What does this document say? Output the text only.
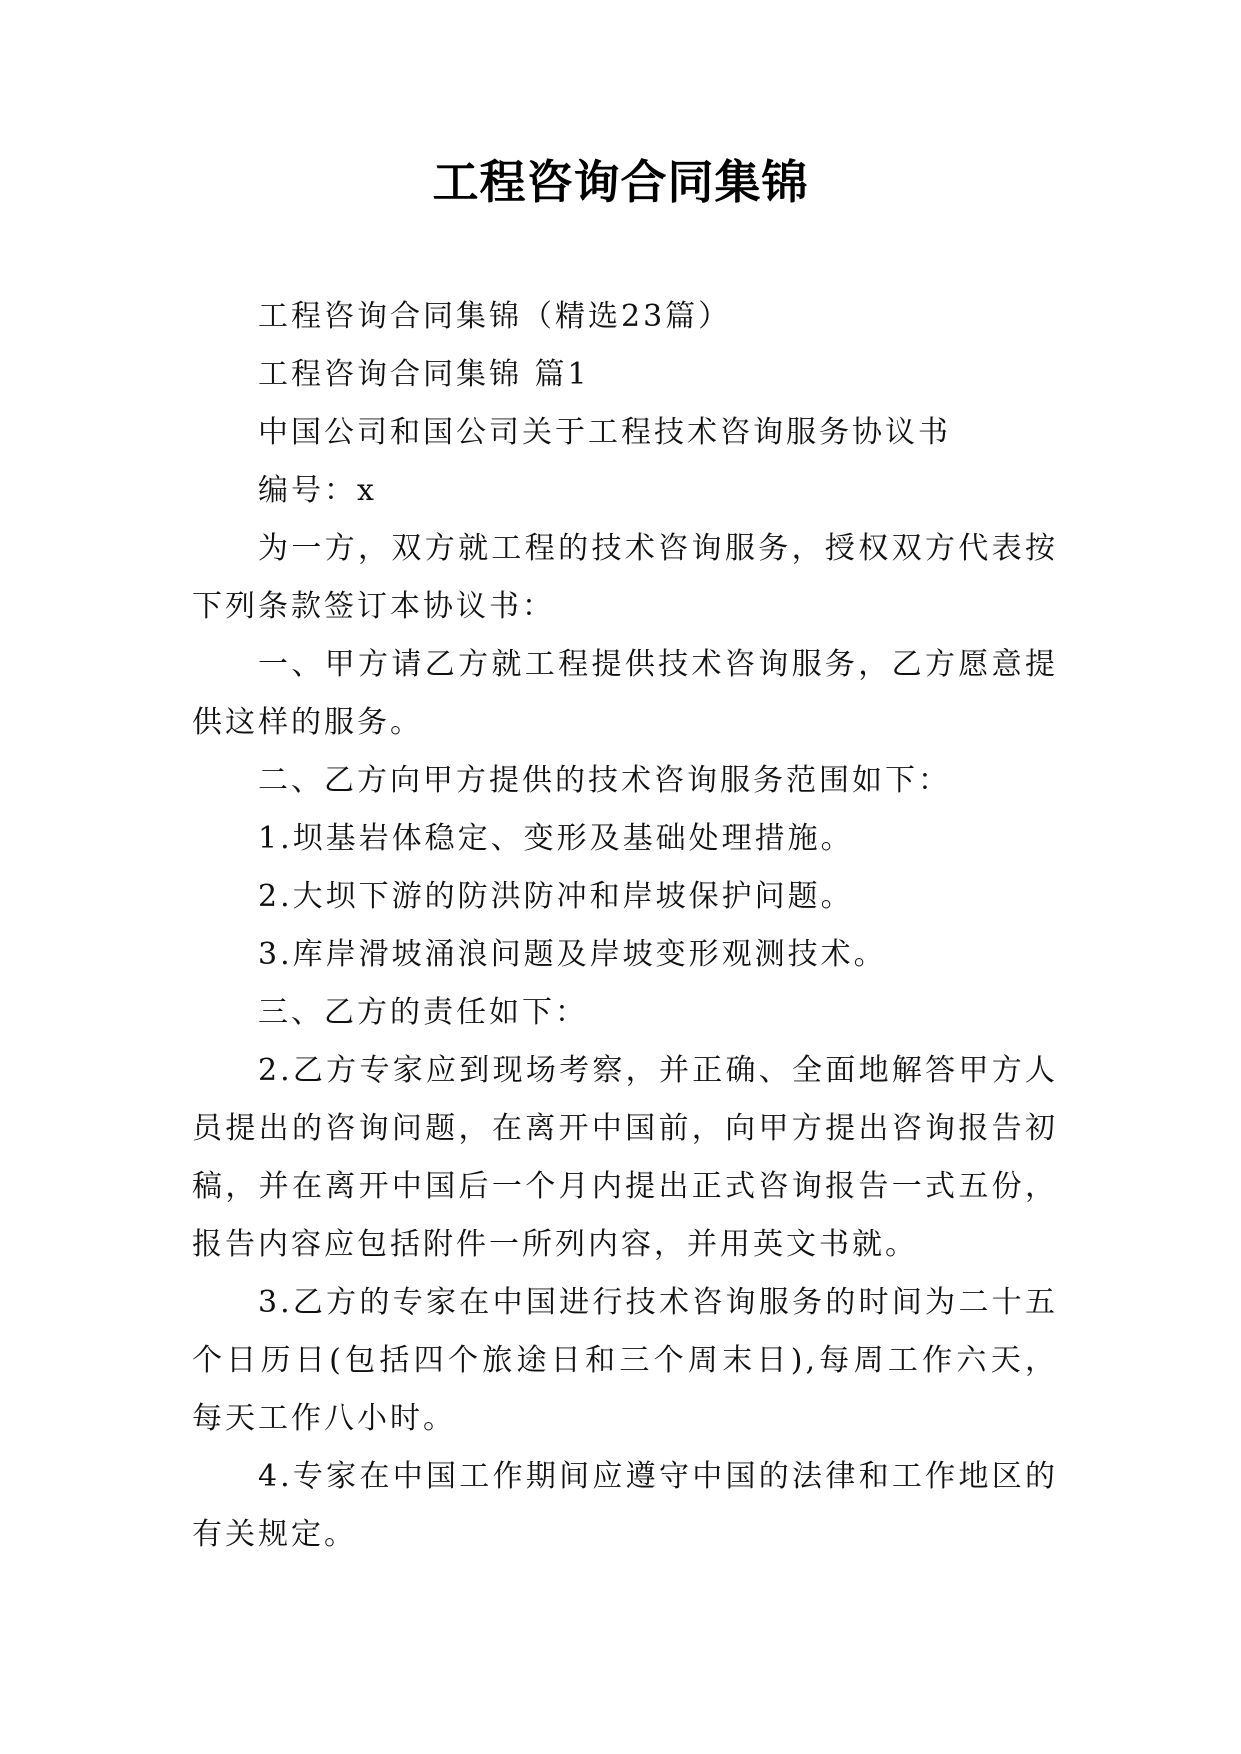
工程咨询合同集锦

工程咨询合同集锦（精选23篇）

工程咨询合同集锦 篇1

中国公司和国公司关于工程技术咨询服务协议书

编号：x

为一方，双方就工程的技术咨询服务，授权双方代表按下列条款签订本协议书：

一、甲方请乙方就工程提供技术咨询服务，乙方愿意提供这样的服务。

二、乙方向甲方提供的技术咨询服务范围如下：

1.坝基岩体稳定、变形及基础处理措施。

2.大坝下游的防洪防冲和岸坡保护问题。

3.库岸滑坡涌浪问题及岸坡变形观测技术。

三、乙方的责任如下：

2.乙方专家应到现场考察，并正确、全面地解答甲方人员提出的咨询问题，在离开中国前，向甲方提出咨询报告初稿，并在离开中国后一个月内提出正式咨询报告一式五份，报告内容应包括附件一所列内容，并用英文书就。

3.乙方的专家在中国进行技术咨询服务的时间为二十五个日历日(包括四个旅途日和三个周末日),每周工作六天，每天工作八小时。

4.专家在中国工作期间应遵守中国的法律和工作地区的有关规定。
